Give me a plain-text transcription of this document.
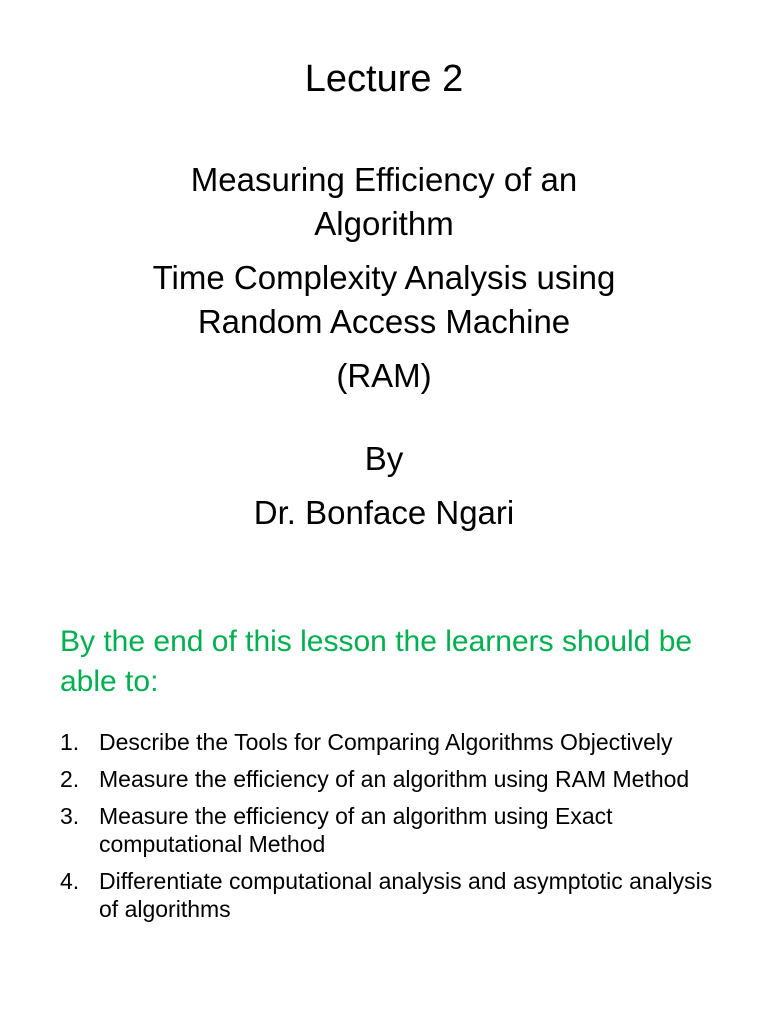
Lecture 2
Measuring Efficiency of an
Algorithm
Time Complexity Analysis using
Random Access Machine
(RAM)
By
Dr. Bonface Ngari
By the end of this lesson the learners should be able to:
1. Describe the Tools for Comparing Algorithms Objectively
2. Measure the efficiency of an algorithm using RAM Method
3. Measure the efficiency of an algorithm using Exact computational Method
4. Differentiate computational analysis and asymptotic analysis of algorithms
